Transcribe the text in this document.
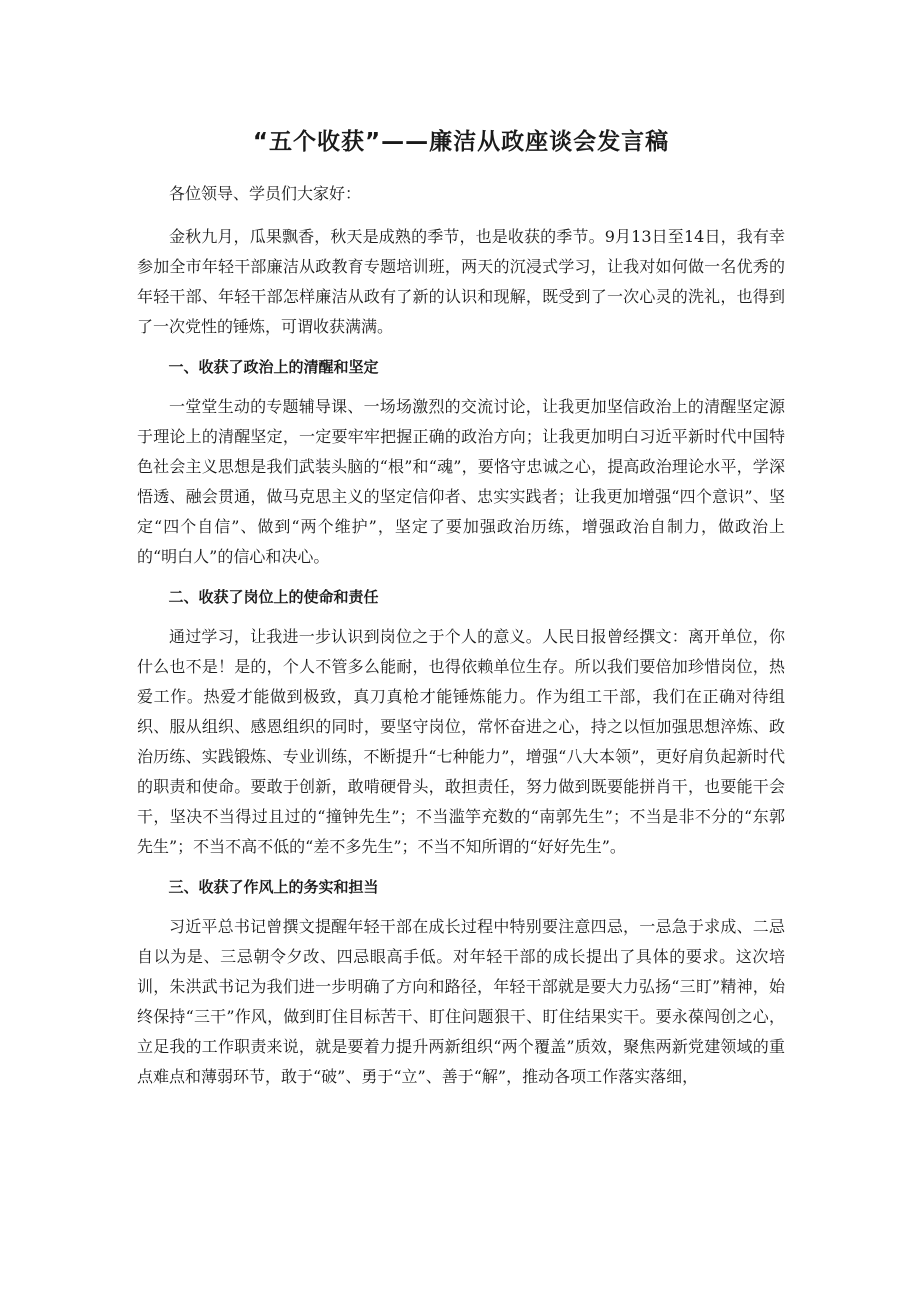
“五个收获”——廉洁从政座谈会发言稿

各位领导、学员们大家好：

金秋九月，瓜果飘香，秋天是成熟的季节，也是收获的季节。9月13日至14日，我有幸参加全市年轻干部廉洁从政教育专题培训班，两天的沉浸式学习，让我对如何做一名优秀的年轻干部、年轻干部怎样廉洁从政有了新的认识和现解，既受到了一次心灵的洗礼，也得到了一次党性的锤炼，可谓收获满满。

一、收获了政治上的清醒和坚定

一堂堂生动的专题辅导课、一场场激烈的交流讨论，让我更加坚信政治上的清醒坚定源于理论上的清醒坚定，一定要牢牢把握正确的政治方向；让我更加明白习近平新时代中国特色社会主义思想是我们武装头脑的“根”和“魂”，要恪守忠诚之心，提高政治理论水平，学深悟透、融会贯通，做马克思主义的坚定信仰者、忠实实践者；让我更加增强“四个意识”、坚定“四个自信”、做到“两个维护”，坚定了要加强政治历练，增强政治自制力，做政治上的“明白人”的信心和决心。

二、收获了岗位上的使命和责任

通过学习，让我进一步认识到岗位之于个人的意义。人民日报曾经撰文：离开单位，你什么也不是！是的，个人不管多么能耐，也得依赖单位生存。所以我们要倍加珍惜岗位，热爱工作。热爱才能做到极致，真刀真枪才能锤炼能力。作为组工干部，我们在正确对待组织、服从组织、感恩组织的同时，要坚守岗位，常怀奋进之心，持之以恒加强思想淬炼、政治历练、实践锻炼、专业训练，不断提升“七种能力”，增强“八大本领”，更好肩负起新时代的职责和使命。要敢于创新，敢啃硬骨头，敢担责任，努力做到既要能拼肖干，也要能干会干，坚决不当得过且过的“撞钟先生”；不当滥竽充数的“南郭先生”；不当是非不分的“东郭先生”；不当不高不低的“差不多先生”；不当不知所谓的“好好先生”。

三、收获了作风上的务实和担当

习近平总书记曾撰文提醒年轻干部在成长过程中特别要注意四忌，一忌急于求成、二忌自以为是、三忌朝令夕改、四忌眼高手低。对年轻干部的成长提出了具体的要求。这次培训，朱洪武书记为我们进一步明确了方向和路径，年轻干部就是要大力弘扬“三盯”精神，始终保持“三干”作风，做到盯住目标苦干、盯住问题狠干、盯住结果实干。要永葆闯创之心，立足我的工作职责来说，就是要着力提升两新组织“两个覆盖”质效，聚焦两新党建领域的重点难点和薄弱环节，敢于“破”、勇于“立”、善于“解”，推动各项工作落实落细，
